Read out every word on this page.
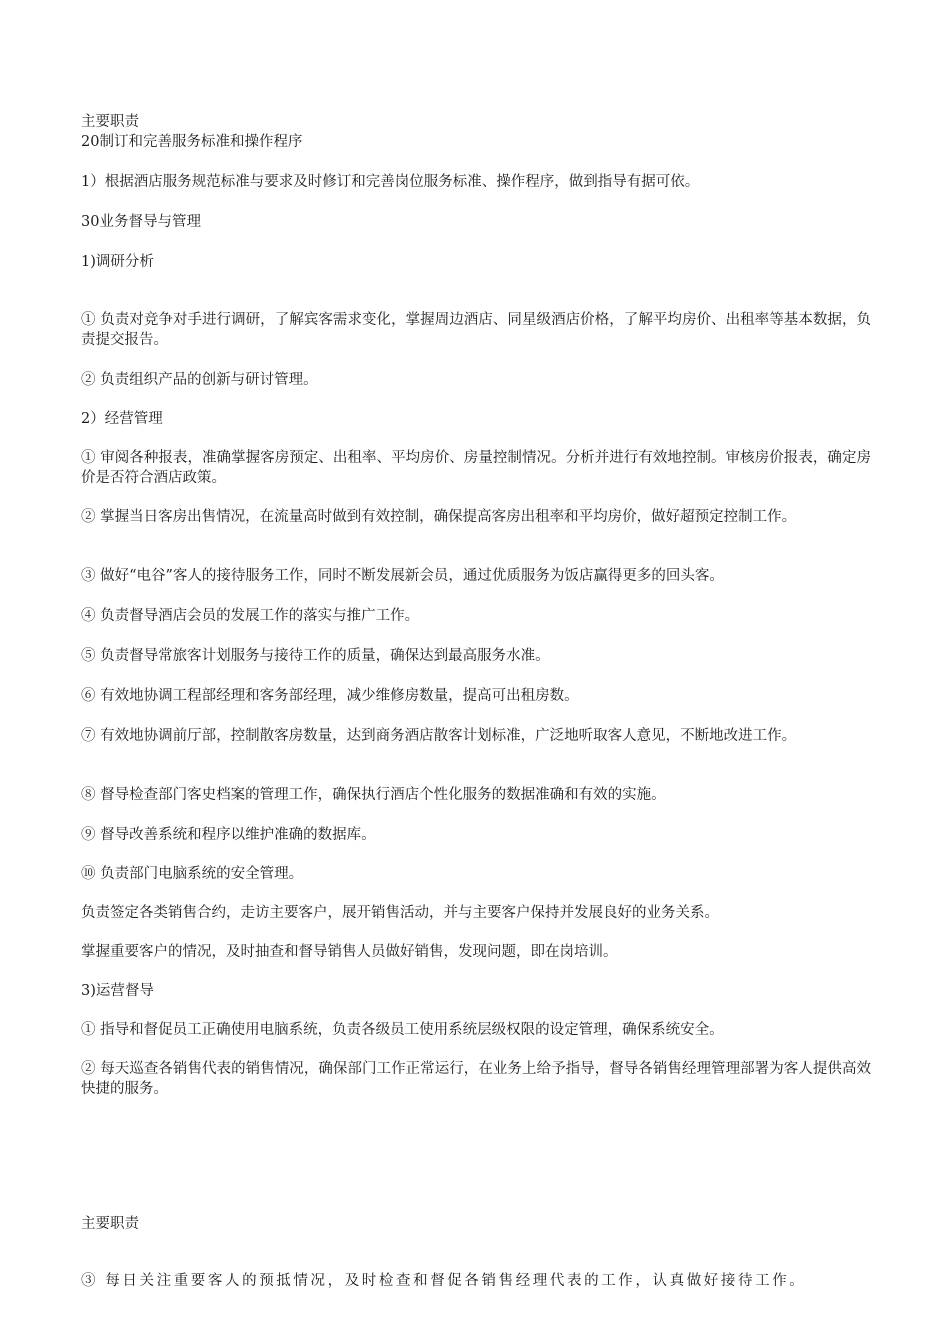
主要职责
20制订和完善服务标准和操作程序
1）根据酒店服务规范标准与要求及时修订和完善岗位服务标准、操作程序，做到指导有据可依。
30业务督导与管理
1)调研分析
① 负责对竞争对手进行调研，了解宾客需求变化，掌握周边酒店、同星级酒店价格，了解平均房价、出租率等基本数据，负责提交报告。
② 负责组织产品的创新与研讨管理。
2）经营管理
① 审阅各种报表，准确掌握客房预定、出租率、平均房价、房量控制情况。分析并进行有效地控制。审核房价报表，确定房价是否符合酒店政策。
② 掌握当日客房出售情况，在流量高时做到有效控制，确保提高客房出租率和平均房价，做好超预定控制工作。
③ 做好“电谷”客人的接待服务工作，同时不断发展新会员，通过优质服务为饭店赢得更多的回头客。
④ 负责督导酒店会员的发展工作的落实与推广工作。
⑤ 负责督导常旅客计划服务与接待工作的质量，确保达到最高服务水准。
⑥ 有效地协调工程部经理和客务部经理，减少维修房数量，提高可出租房数。
⑦ 有效地协调前厅部，控制散客房数量，达到商务酒店散客计划标准，广泛地听取客人意见，不断地改进工作。
⑧ 督导检查部门客史档案的管理工作，确保执行酒店个性化服务的数据准确和有效的实施。
⑨ 督导改善系统和程序以维护准确的数据库。
⑩ 负责部门电脑系统的安全管理。
负责签定各类销售合约，走访主要客户，展开销售活动，并与主要客户保持并发展良好的业务关系。
掌握重要客户的情况，及时抽查和督导销售人员做好销售，发现问题，即在岗培训。
3)运营督导
① 指导和督促员工正确使用电脑系统，负责各级员工使用系统层级权限的设定管理，确保系统安全。
② 每天巡查各销售代表的销售情况，确保部门工作正常运行，在业务上给予指导，督导各销售经理管理部署为客人提供高效快捷的服务。
主要职责
③ 每日关注重要客人的预抵情况，及时检查和督促各销售经理代表的工作，认真做好接待工作。
